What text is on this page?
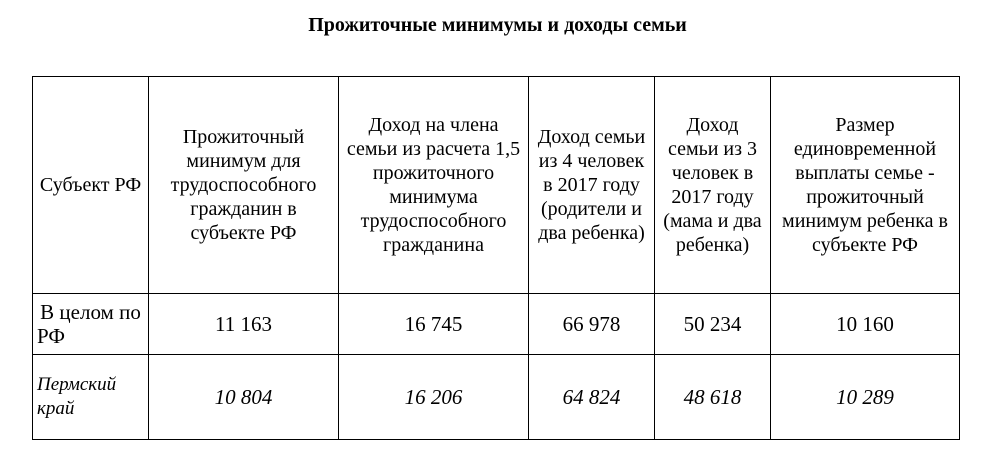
Прожиточные минимумы и доходы семьи
Субъект РФ	Прожиточный минимум для трудоспособного гражданин в субъекте РФ	Доход на члена семьи из расчета 1,5 прожиточного минимума трудоспособного гражданина	Доход семьи из 4 человек в 2017 году (родители и два ребенка)	Доход семьи из 3 человек в 2017 году (мама и два ребенка)	Размер единовременной выплаты семье - прожиточный минимум ребенка в субъекте РФ
В целом по РФ	11 163	16 745	66 978	50 234	10 160
Пермский край	10 804	16 206	64 824	48 618	10 289
